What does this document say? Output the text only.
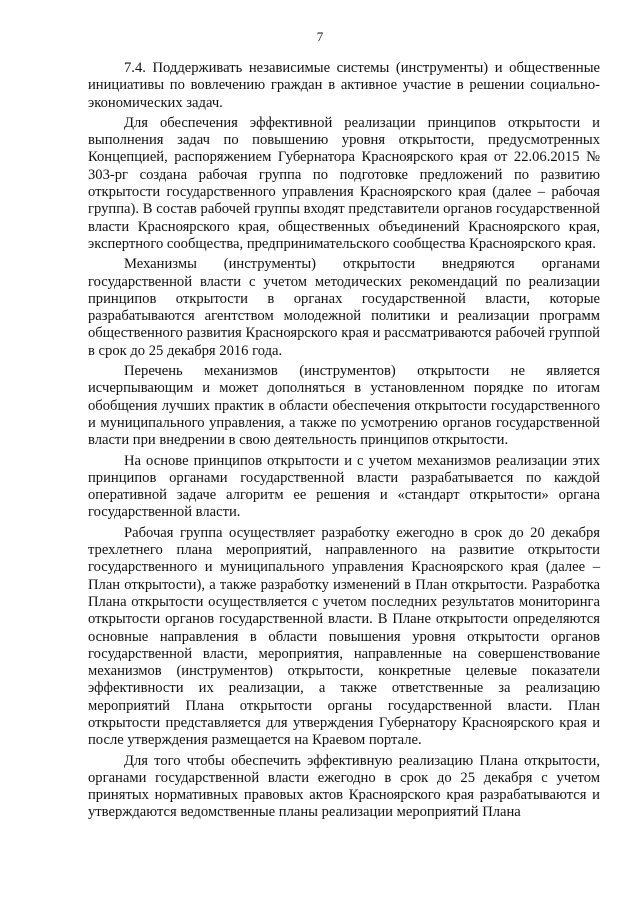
7

7.4. Поддерживать независимые системы (инструменты) и общественные инициативы по вовлечению граждан в активное участие в решении социально-экономических задач.

Для обеспечения эффективной реализации принципов открытости и выполнения задач по повышению уровня открытости, предусмотренных Концепцией, распоряжением Губернатора Красноярского края от 22.06.2015 № 303-рг создана рабочая группа по подготовке предложений по развитию открытости государственного управления Красноярского края (далее – рабочая группа). В состав рабочей группы входят представители органов государственной власти Красноярского края, общественных объединений Красноярского края, экспертного сообщества, предпринимательского сообщества Красноярского края.

Механизмы (инструменты) открытости внедряются органами государственной власти с учетом методических рекомендаций по реализации принципов открытости в органах государственной власти, которые разрабатываются агентством молодежной политики и реализации программ общественного развития Красноярского края и рассматриваются рабочей группой в срок до 25 декабря 2016 года.

Перечень механизмов (инструментов) открытости не является исчерпывающим и может дополняться в установленном порядке по итогам обобщения лучших практик в области обеспечения открытости государственного и муниципального управления, а также по усмотрению органов государственной власти при внедрении в свою деятельность принципов открытости.

На основе принципов открытости и с учетом механизмов реализации этих принципов органами государственной власти разрабатывается по каждой оперативной задаче алгоритм ее решения и «стандарт открытости» органа государственной власти.

Рабочая группа осуществляет разработку ежегодно в срок до 20 декабря трехлетнего плана мероприятий, направленного на развитие открытости государственного и муниципального управления Красноярского края (далее – План открытости), а также разработку изменений в План открытости. Разработка Плана открытости осуществляется с учетом последних результатов мониторинга открытости органов государственной власти. В Плане открытости определяются основные направления в области повышения уровня открытости органов государственной власти, мероприятия, направленные на совершенствование механизмов (инструментов) открытости, конкретные целевые показатели эффективности их реализации, а также ответственные за реализацию мероприятий Плана открытости органы государственной власти. План открытости представляется для утверждения Губернатору Красноярского края и после утверждения размещается на Краевом портале.

Для того чтобы обеспечить эффективную реализацию Плана открытости, органами государственной власти ежегодно в срок до 25 декабря с учетом принятых нормативных правовых актов Красноярского края разрабатываются и утверждаются ведомственные планы реализации мероприятий Плана
